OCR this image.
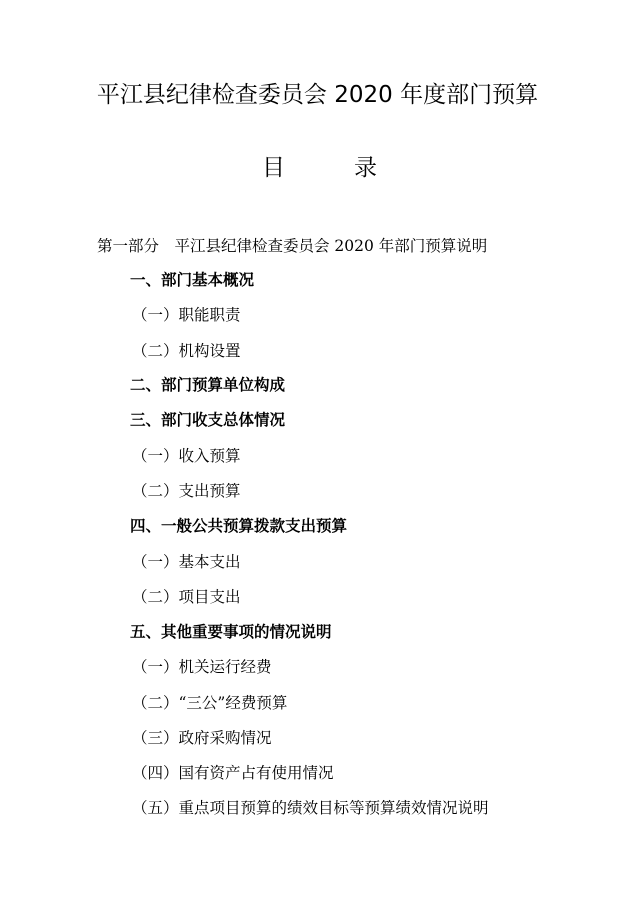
平江县纪律检查委员会 2020 年度部门预算
目	录
第一部分　平江县纪律检查委员会 2020 年部门预算说明
一、部门基本概况
（一）职能职责
（二）机构设置
二、部门预算单位构成
三、部门收支总体情况
（一）收入预算
（二）支出预算
四、一般公共预算拨款支出预算
（一）基本支出
（二）项目支出
五、其他重要事项的情况说明
（一）机关运行经费
（二）“三公”经费预算
（三）政府采购情况
（四）国有资产占有使用情况
（五）重点项目预算的绩效目标等预算绩效情况说明
